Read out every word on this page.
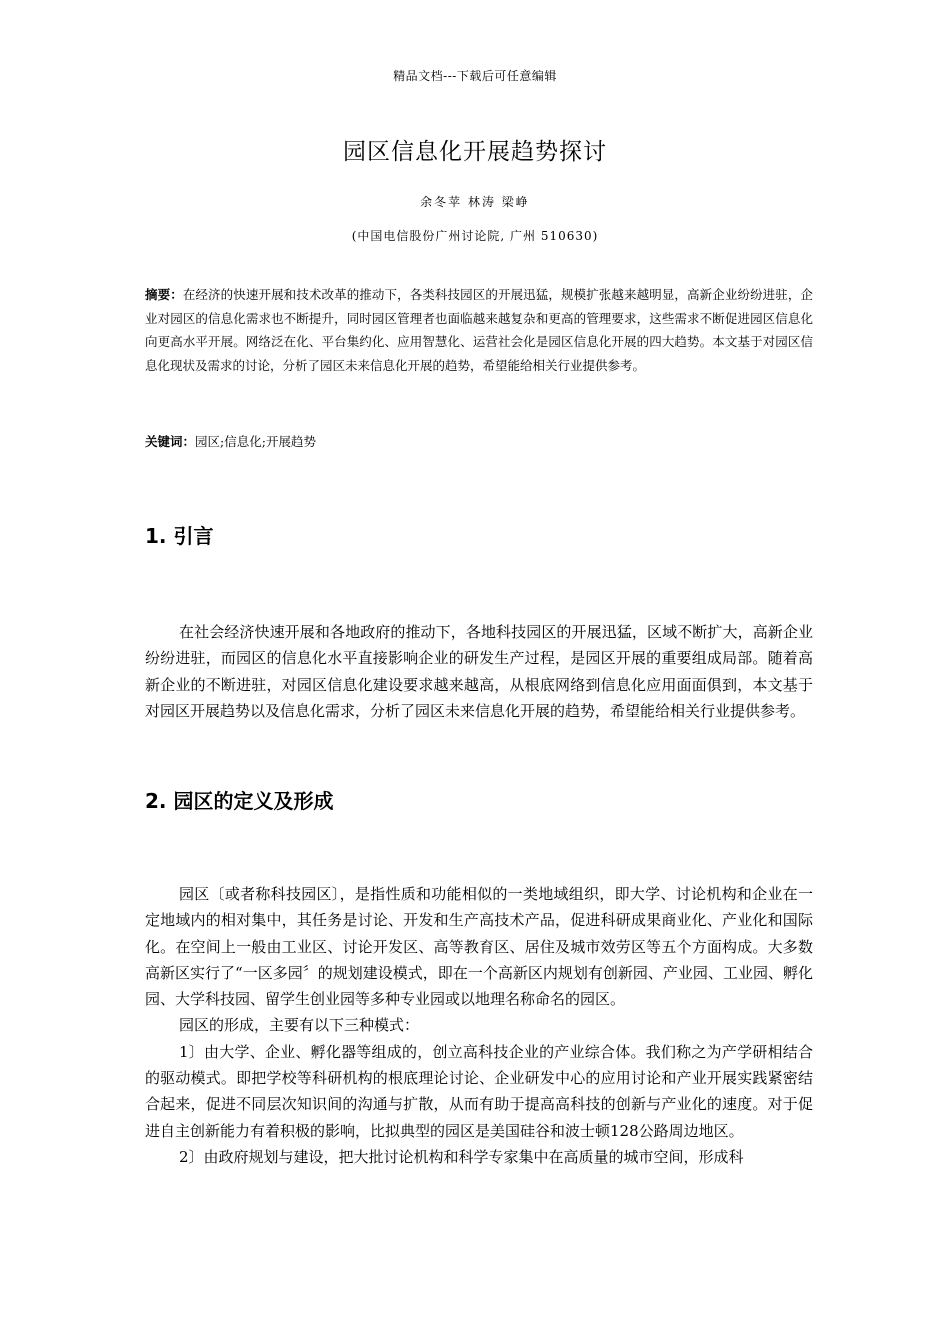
精品文档---下载后可任意编辑
园区信息化开展趋势探讨
余冬苹 林涛 梁峥
(中国电信股份广州讨论院, 广州 510630)
摘要：在经济的快速开展和技术改革的推动下，各类科技园区的开展迅猛，规模扩张越来越明显，高新企业纷纷进驻，企业对园区的信息化需求也不断提升，同时园区管理者也面临越来越复杂和更高的管理要求，这些需求不断促进园区信息化向更高水平开展。网络泛在化、平台集约化、应用智慧化、运营社会化是园区信息化开展的四大趋势。本文基于对园区信息化现状及需求的讨论，分析了园区未来信息化开展的趋势，希望能给相关行业提供参考。
关键词：园区;信息化;开展趋势
1. 引言

在社会经济快速开展和各地政府的推动下，各地科技园区的开展迅猛，区域不断扩大，高新企业纷纷进驻，而园区的信息化水平直接影响企业的研发生产过程，是园区开展的重要组成局部。随着高新企业的不断进驻，对园区信息化建设要求越来越高，从根底网络到信息化应用面面俱到，本文基于对园区开展趋势以及信息化需求，分析了园区未来信息化开展的趋势，希望能给相关行业提供参考。

2. 园区的定义及形成

园区〔或者称科技园区〕，是指性质和功能相似的一类地域组织，即大学、讨论机构和企业在一定地域内的相对集中，其任务是讨论、开发和生产高技术产品，促进科研成果商业化、产业化和国际化。在空间上一般由工业区、讨论开发区、高等教育区、居住及城市效劳区等五个方面构成。大多数高新区实行了“一区多园〞的规划建设模式，即在一个高新区内规划有创新园、产业园、工业园、孵化园、大学科技园、留学生创业园等多种专业园或以地理名称命名的园区。

园区的形成，主要有以下三种模式：

1〕由大学、企业、孵化器等组成的，创立高科技企业的产业综合体。我们称之为产学研相结合的驱动模式。即把学校等科研机构的根底理论讨论、企业研发中心的应用讨论和产业开展实践紧密结合起来，促进不同层次知识间的沟通与扩散，从而有助于提高高科技的创新与产业化的速度。对于促进自主创新能力有着积极的影响，比拟典型的园区是美国硅谷和波士顿128公路周边地区。

2〕由政府规划与建设，把大批讨论机构和科学专家集中在高质量的城市空间，形成科
